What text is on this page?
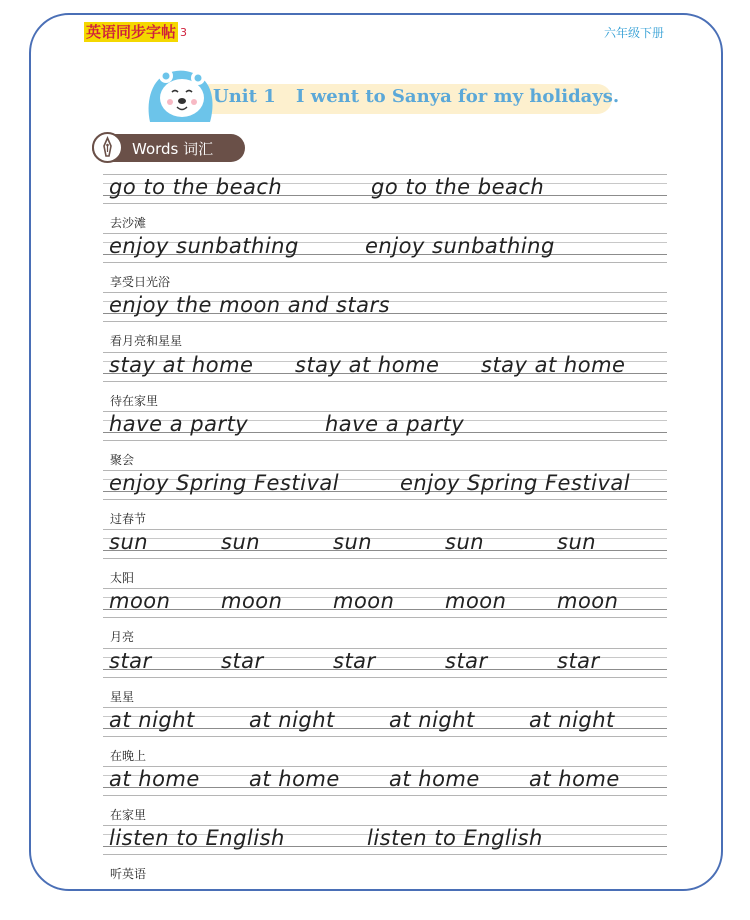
英语同步字帖 3	六年级下册
Unit 1 I went to Sanya for my holidays.
Words 词汇
go to the beach	go to the beach
去沙滩
enjoy sunbathing	enjoy sunbathing
享受日光浴
enjoy the moon and stars
看月亮和星星
stay at home stay at home stay at home
待在家里
have a party	have a party
聚会
enjoy Spring Festival	enjoy Spring Festival
过春节
sun	sun	sun	sun	sun
太阳
moon moon moon moon moon
月亮
star	star	star	star	star
星星
at night	at night	at night	at night
在晚上
at home at home at home at home
在家里
listen to English	listen to English
听英语
